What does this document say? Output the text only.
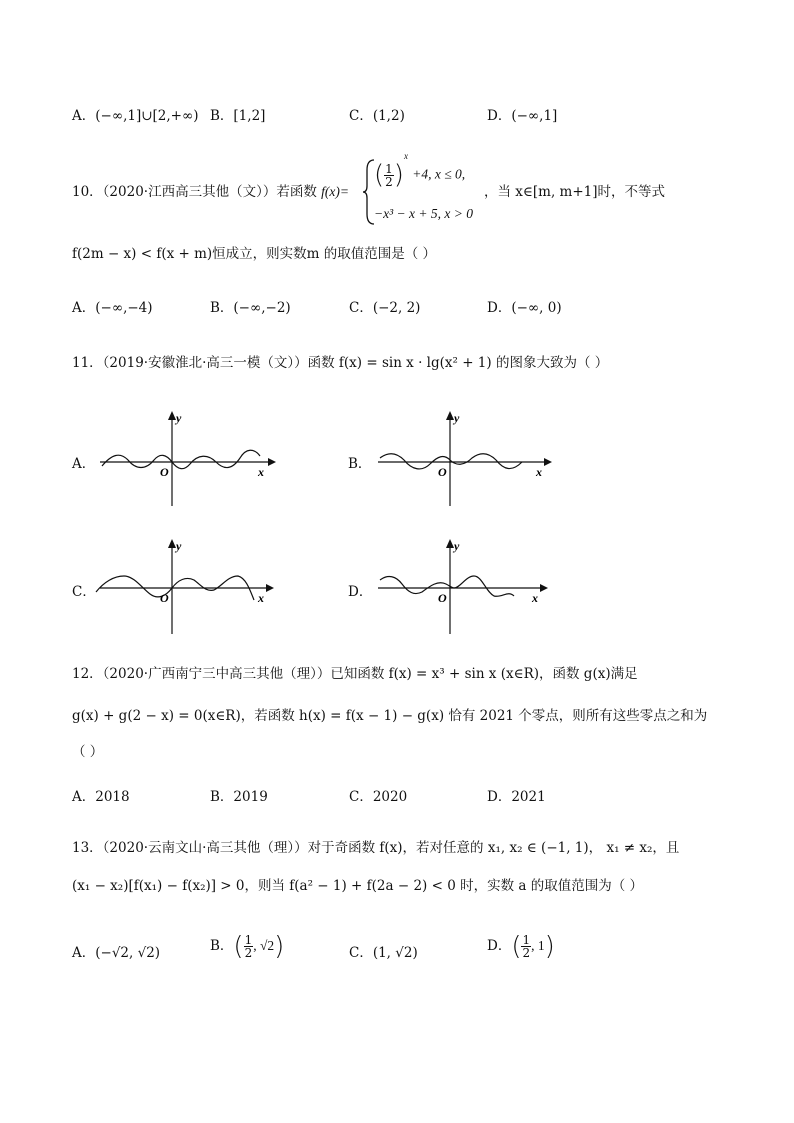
A．(−∞,1]∪[2,+∞) B．[1,2]	C．(1,2)	D．(−∞,1]
10．（2020·江西高三其他（文））若函数 f(x)=
( $\frac{1}{2} )^x +4$, x ≤ 0,
−x³ − x + 5, x > 0
，当 x∈[m, m+1]时，不等式
f(2m − x) < f(x + m)恒成立，则实数m 的取值范围是（ ）
A．(−∞,−4)	B．(−∞,−2)	C．(−2, 2)	D．(−∞, 0)
11．（2019·安徽淮北·高三一模（文））函数 f(x) = sin x · lg(x² + 1) 的图象大致为（ ）
A．
y
x
O	B．
y
x
O
C．
y
x
O	D．
y
x
O
12．（2020·广西南宁三中高三其他（理））已知函数 f(x) = x³ + sin x (x∈R)，函数 g(x)满足
g(x) + g(2 − x) = 0(x∈R)，若函数 h(x) = f(x − 1) − g(x) 恰有 2021 个零点，则所有这些零点之和为
（ ）
A．2018	B．2019	C．2020	D．2021
13．（2020·云南文山·高三其他（理））对于奇函数 f(x)，若对任意的 x₁, x₂ ∈ (−1, 1)， x₁ ≠ x₂，且
(x₁ − x₂)[f(x₁) − f(x₂)] > 0，则当 f(a² − 1) + f(2a − 2) < 0 时，实数 a 的取值范围为（ ）
A．(−√2, √2)	B．( $\frac{1}{2}$ , √2)	C．(1, √2)	D．( $\frac{1}{2}$ , 1)
